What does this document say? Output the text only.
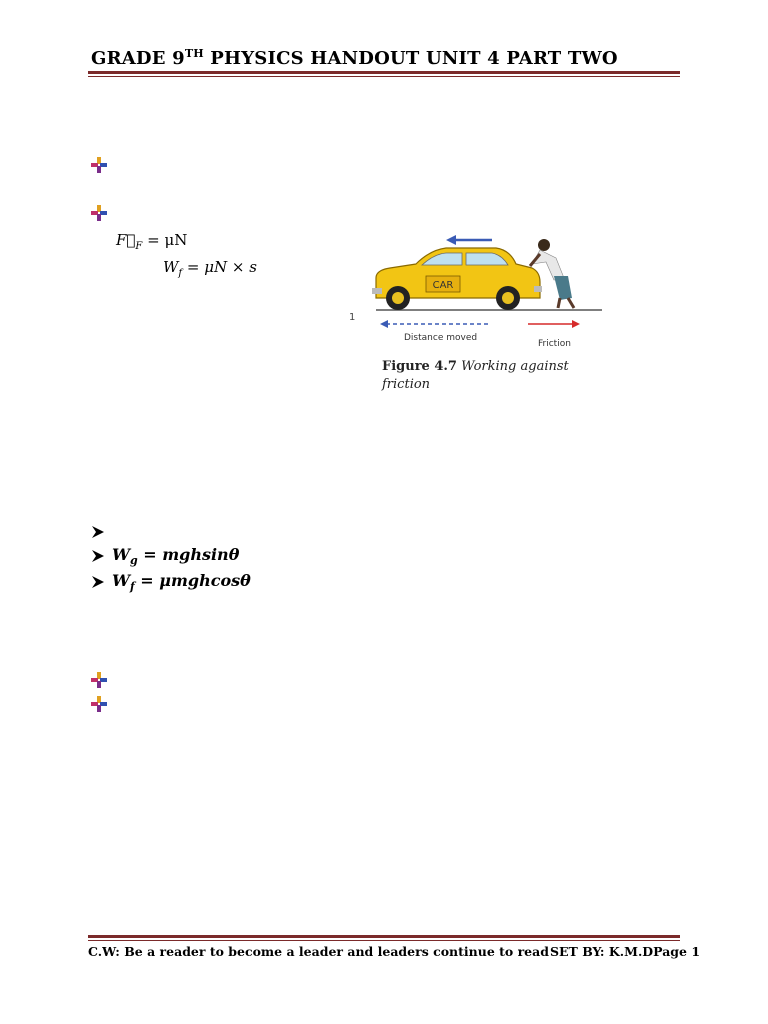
GRADE 9TH PHYSICS HANDOUT UNIT 4 PART TWO
$F⃗_F = \mu N$
$W_f = \mu N \times s$
CAR
1
Distance moved
Friction
Figure 4.7 Working against friction
$W_g = mghsin\theta$
$W_f = \mu mghcos\theta$
C.W: Be a reader to become a leader and leaders continue to read SET BY: K.M.DPage 1
